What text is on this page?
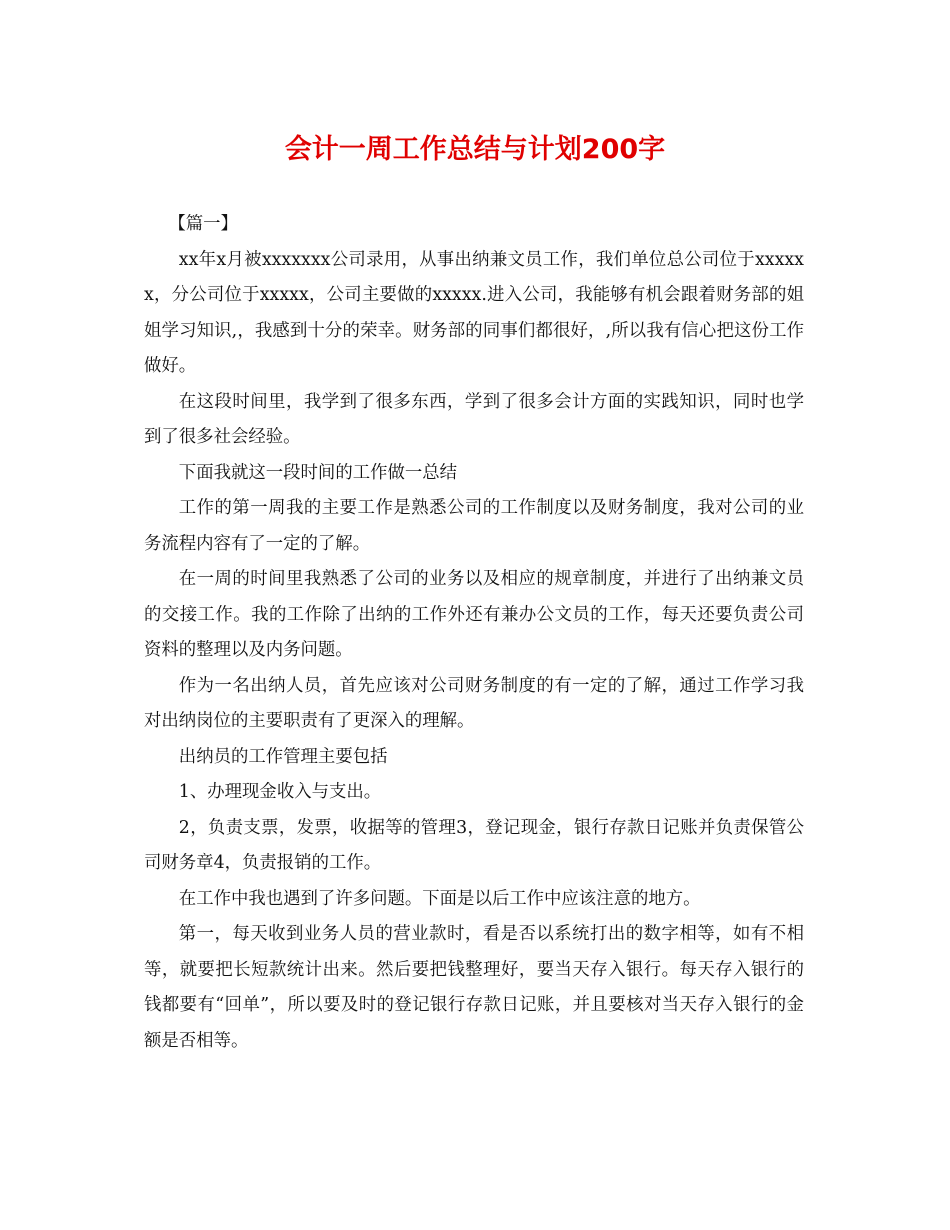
会计一周工作总结与计划200字

【篇一】

xx年x月被xxxxxxx公司录用，从事出纳兼文员工作，我们单位总公司位于xxxxxx，分公司位于xxxxx，公司主要做的xxxxx.进入公司，我能够有机会跟着财务部的姐姐学习知识,，我感到十分的荣幸。财务部的同事们都很好，,所以我有信心把这份工作做好。

在这段时间里，我学到了很多东西，学到了很多会计方面的实践知识，同时也学到了很多社会经验。

下面我就这一段时间的工作做一总结

工作的第一周我的主要工作是熟悉公司的工作制度以及财务制度，我对公司的业务流程内容有了一定的了解。

在一周的时间里我熟悉了公司的业务以及相应的规章制度，并进行了出纳兼文员的交接工作。我的工作除了出纳的工作外还有兼办公文员的工作，每天还要负责公司资料的整理以及内务问题。

作为一名出纳人员，首先应该对公司财务制度的有一定的了解，通过工作学习我对出纳岗位的主要职责有了更深入的理解。

出纳员的工作管理主要包括

1、办理现金收入与支出。

2，负责支票，发票，收据等的管理3，登记现金，银行存款日记账并负责保管公司财务章4，负责报销的工作。

在工作中我也遇到了许多问题。下面是以后工作中应该注意的地方。

第一，每天收到业务人员的营业款时，看是否以系统打出的数字相等，如有不相等，就要把长短款统计出来。然后要把钱整理好，要当天存入银行。每天存入银行的钱都要有“回单”，所以要及时的登记银行存款日记账，并且要核对当天存入银行的金额是否相等。
